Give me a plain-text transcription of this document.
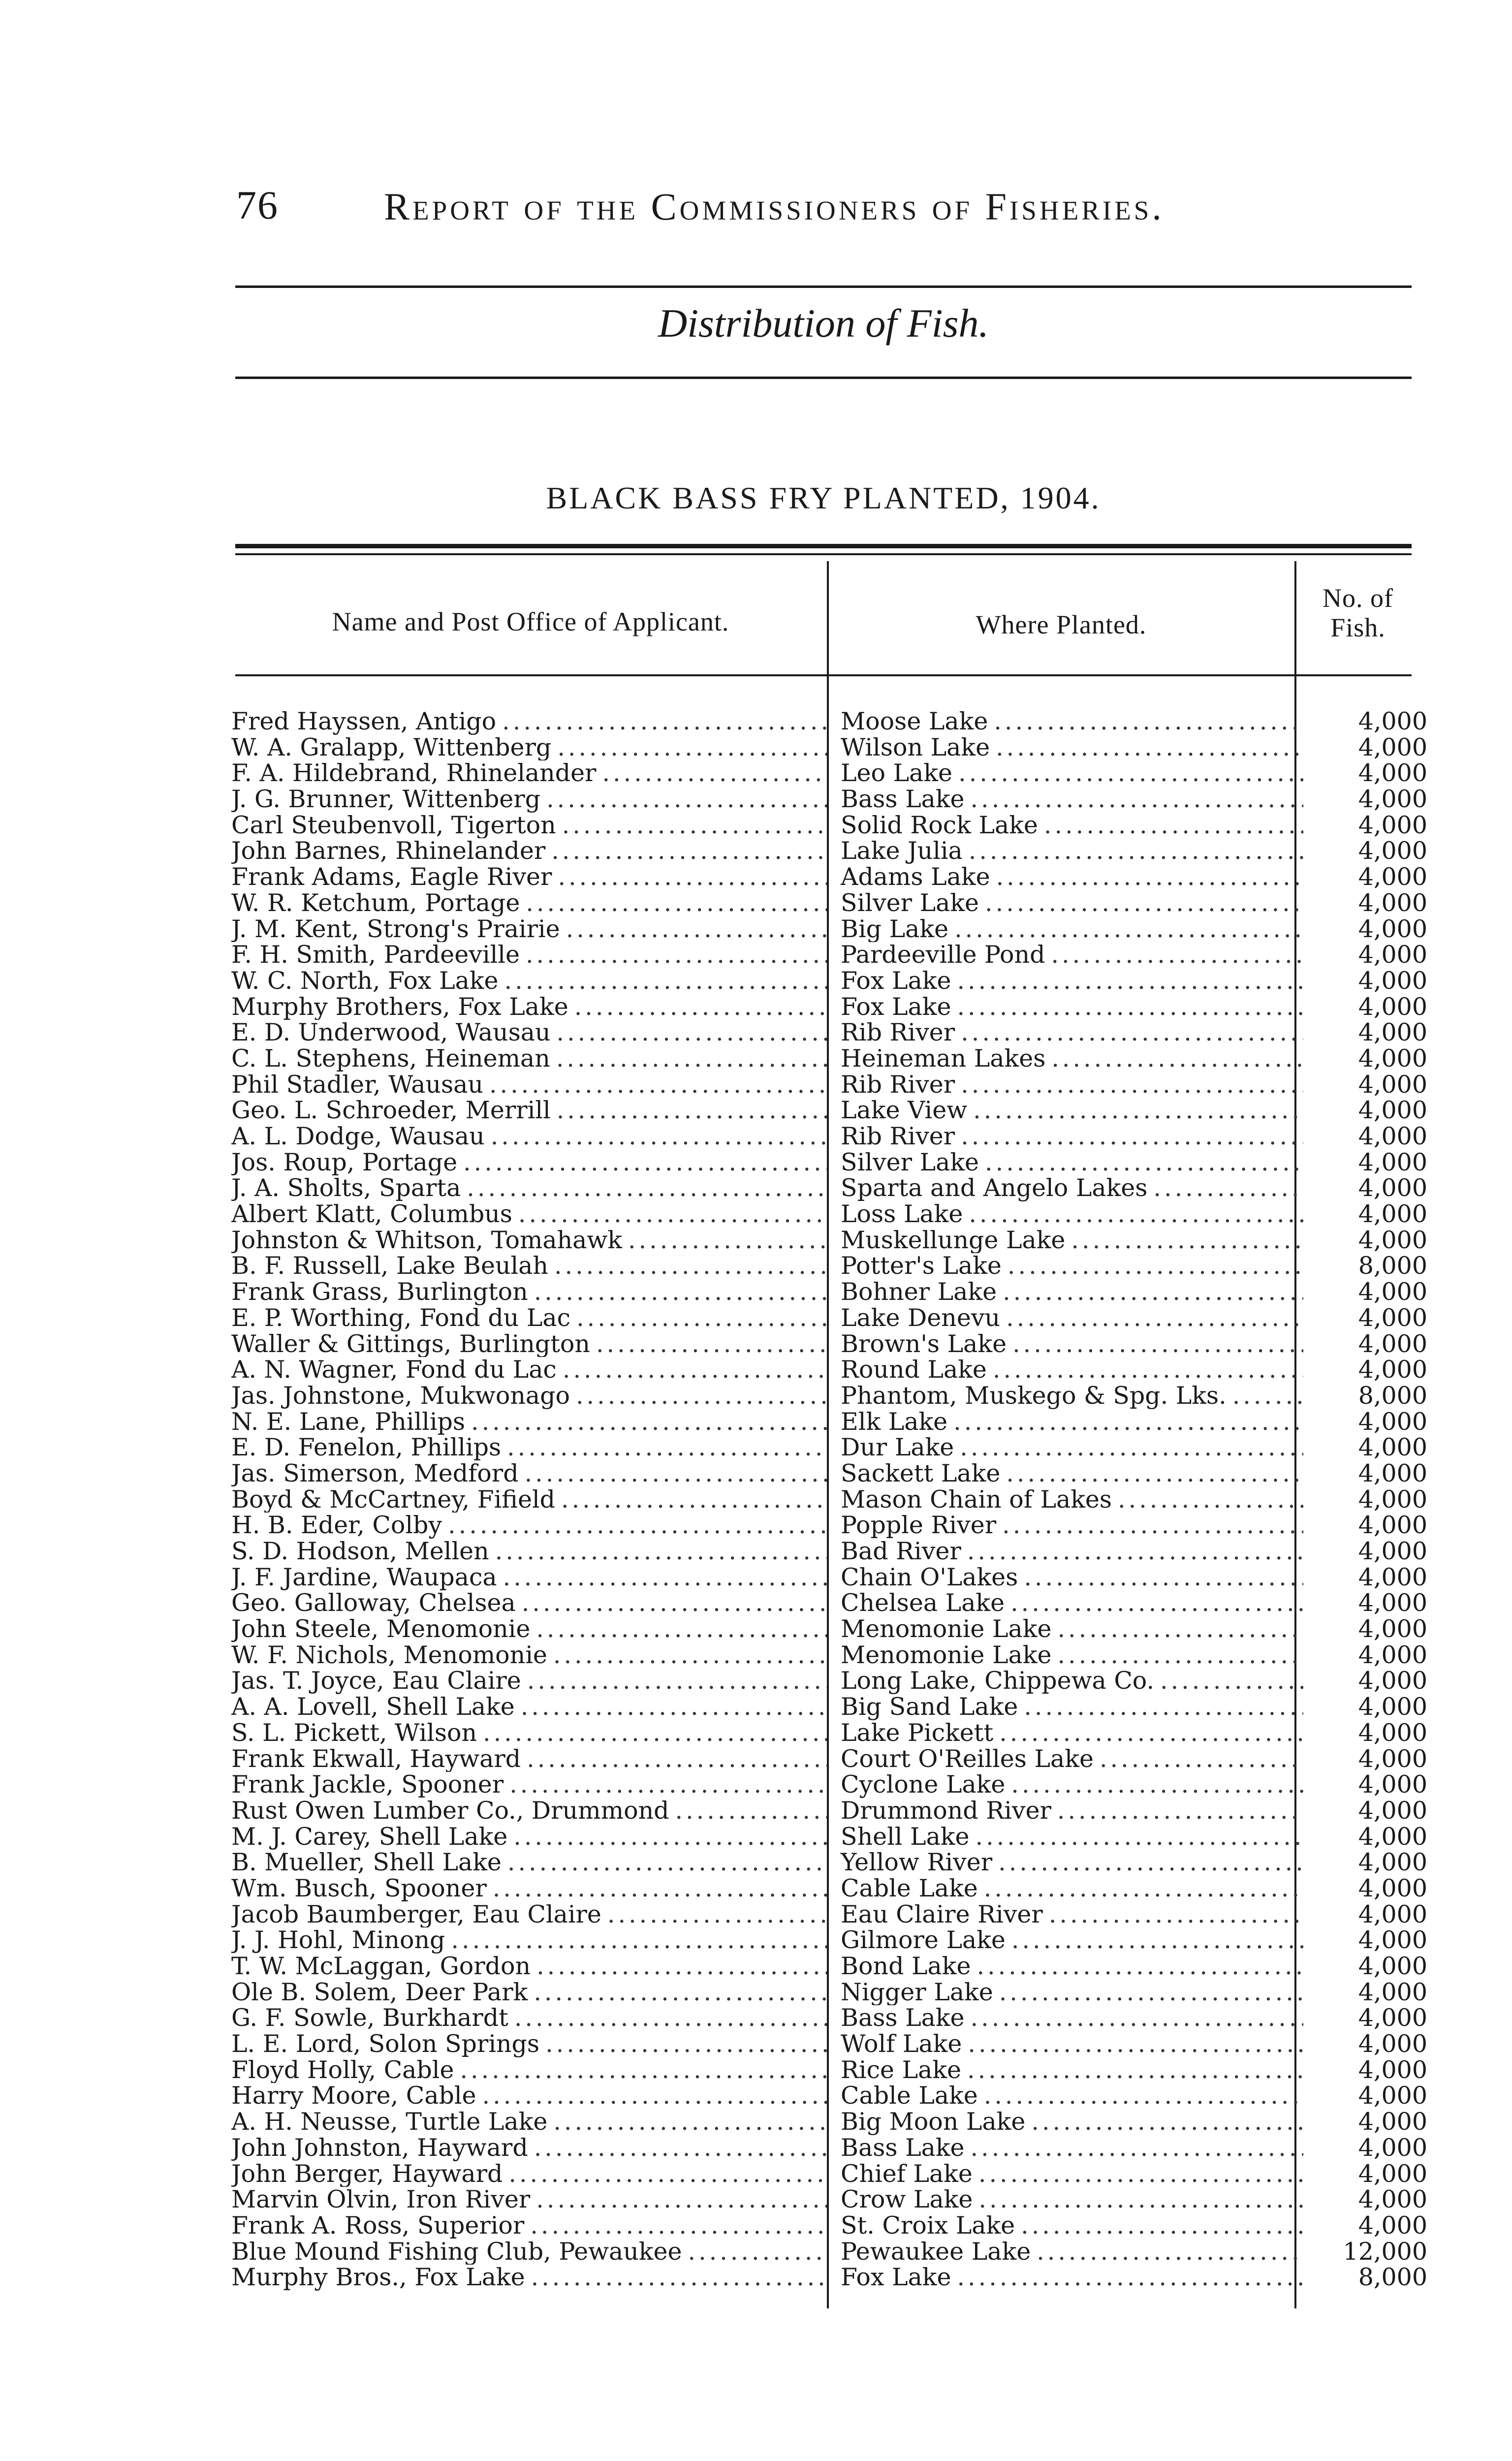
76	Report of the Commissioners of Fisheries.
Distribution of Fish.
BLACK BASS FRY PLANTED, 1904.
Name and Post Office of Applicant.	Where Planted.
No. of
Fish.
Fred Hayssen, Antigo .....	Moose Lake .....	4,000
W. A. Gralapp, Wittenberg .....	Wilson Lake .....	4,000
F. A. Hildebrand, Rhinelander .....	Leo Lake .....	4,000
J. G. Brunner, Wittenberg .....	Bass Lake .....	4,000
Carl Steubenvoll, Tigerton .....	Solid Rock Lake .....	4,000
John Barnes, Rhinelander .....	Lake Julia .....	4,000
Frank Adams, Eagle River .....	Adams Lake .....	4,000
W. R. Ketchum, Portage .....	Silver Lake .....	4,000
J. M. Kent, Strong's Prairie .....	Big Lake .....	4,000
F. H. Smith, Pardeeville .....	Pardeeville Pond .....	4,000
W. C. North, Fox Lake .....	Fox Lake .....	4,000
Murphy Brothers, Fox Lake .....	Fox Lake .....	4,000
E. D. Underwood, Wausau .....	Rib River .....	4,000
C. L. Stephens, Heineman .....	Heineman Lakes .....	4,000
Phil Stadler, Wausau .....	Rib River .....	4,000
Geo. L. Schroeder, Merrill .....	Lake View .....	4,000
A. L. Dodge, Wausau .....	Rib River .....	4,000
Jos. Roup, Portage .....	Silver Lake .....	4,000
J. A. Sholts, Sparta .....	Sparta and Angelo Lakes .....	4,000
Albert Klatt, Columbus .....	Loss Lake .....	4,000
Johnston & Whitson, Tomahawk .....	Muskellunge Lake .....	4,000
B. F. Russell, Lake Beulah .....	Potter's Lake .....	8,000
Frank Grass, Burlington .....	Bohner Lake .....	4,000
E. P. Worthing, Fond du Lac .....	Lake Denevu .....	4,000
Waller & Gittings, Burlington .....	Brown's Lake .....	4,000
A. N. Wagner, Fond du Lac .....	Round Lake .....	4,000
Jas. Johnstone, Mukwonago .....	Phantom, Muskego & Spg. Lks. .....	8,000
N. E. Lane, Phillips .....	Elk Lake .....	4,000
E. D. Fenelon, Phillips .....	Dur Lake .....	4,000
Jas. Simerson, Medford .....	Sackett Lake .....	4,000
Boyd & McCartney, Fifield .....	Mason Chain of Lakes .....	4,000
H. B. Eder, Colby .....	Popple River .....	4,000
S. D. Hodson, Mellen .....	Bad River .....	4,000
J. F. Jardine, Waupaca .....	Chain O'Lakes .....	4,000
Geo. Galloway, Chelsea .....	Chelsea Lake .....	4,000
John Steele, Menomonie .....	Menomonie Lake .....	4,000
W. F. Nichols, Menomonie .....	Menomonie Lake .....	4,000
Jas. T. Joyce, Eau Claire .....	Long Lake, Chippewa Co. .....	4,000
A. A. Lovell, Shell Lake .....	Big Sand Lake .....	4,000
S. L. Pickett, Wilson .....	Lake Pickett .....	4,000
Frank Ekwall, Hayward .....	Court O'Reilles Lake .....	4,000
Frank Jackle, Spooner .....	Cyclone Lake .....	4,000
Rust Owen Lumber Co., Drummond .....	Drummond River .....	4,000
M. J. Carey, Shell Lake .....	Shell Lake .....	4,000
B. Mueller, Shell Lake .....	Yellow River .....	4,000
Wm. Busch, Spooner .....	Cable Lake .....	4,000
Jacob Baumberger, Eau Claire .....	Eau Claire River .....	4,000
J. J. Hohl, Minong .....	Gilmore Lake .....	4,000
T. W. McLaggan, Gordon .....	Bond Lake .....	4,000
Ole B. Solem, Deer Park .....	Nigger Lake .....	4,000
G. F. Sowle, Burkhardt .....	Bass Lake .....	4,000
L. E. Lord, Solon Springs .....	Wolf Lake .....	4,000
Floyd Holly, Cable .....	Rice Lake .....	4,000
Harry Moore, Cable .....	Cable Lake .....	4,000
A. H. Neusse, Turtle Lake .....	Big Moon Lake .....	4,000
John Johnston, Hayward .....	Bass Lake .....	4,000
John Berger, Hayward .....	Chief Lake .....	4,000
Marvin Olvin, Iron River .....	Crow Lake .....	4,000
Frank A. Ross, Superior .....	St. Croix Lake .....	4,000
Blue Mound Fishing Club, Pewaukee .....	Pewaukee Lake .....	12,000
Murphy Bros., Fox Lake .....	Fox Lake .....	8,000
